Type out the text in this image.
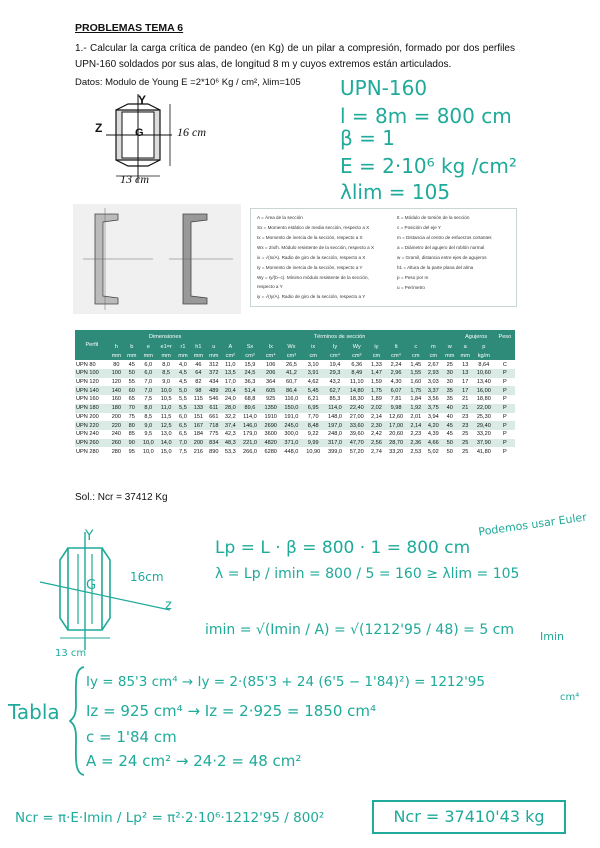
PROBLEMAS TEMA 6
1.- Calcular la carga crítica de pandeo (en Kg) de un pilar a compresión, formado por dos perfiles UPN-160 soldados por sus alas, de longitud 8 m y cuyos extremos están articulados.
Datos: Modulo de Young E =2*10⁶ Kg / cm², λlim=105
Y
Z	G	16 cm
13 cm
UPN-160
l = 8m = 800 cm
β = 1
E = 2·10⁶ kg /cm²
λlim = 105
A = Área de la sección
Sx = Momento estático de media sección, respecto a X
Ix = Momento de inercia de la sección, respecto a X
Wx = 2Ix/h. Módulo resistente de la sección, respecto a X
ix = √(Ix/A). Radio de giro de la sección, respecto a X
Iy = Momento de inercia de la sección, respecto a Y
Wy = Iy/(b−c). Mínimo módulo resistente de la sección,
respecto a Y
iy = √(Iy/A). Radio de giro de la sección, respecto a Y
It = Módulo de torsión de la sección
c = Posición del eje Y
m = Distancia al centro de esfuerzos cortantes
a = Diámetro del agujero del roblón normal
w = Gramil, distancia entre ejes de agujeros
h1 = Altura de la parte plana del alma
p = Peso por m
u = Perímetro
Perfil	Dimensiones							Términos de sección												Agujeros		Peso
	h	b	e	e1=r	r1	h1	u	A	Sx	Ix	Wx	ix	Iy	Wy	iy	It	c	m	w	a	p	
	mm	mm	mm	mm	mm	mm	mm	cm²	cm³	cm⁴	cm³	cm	cm⁴	cm³	cm	cm⁴	cm	cm	mm	mm	kg/m	
UPN 80	80	45	6,0	8,0	4,0	46	312	11,0	15,9	106	26,5	3,10	19,4	6,36	1,33	2,24	1,45	2,67	25	13	8,64	C
UPN 100	100	50	6,0	8,5	4,5	64	372	13,5	24,5	206	41,2	3,91	29,3	8,49	1,47	2,96	1,55	2,93	30	13	10,60	P
UPN 120	120	55	7,0	9,0	4,5	82	434	17,0	36,3	364	60,7	4,62	43,2	11,10	1,59	4,30	1,60	3,03	30	17	13,40	P
UPN 140	140	60	7,0	10,0	5,0	98	489	20,4	51,4	605	86,4	5,45	62,7	14,80	1,75	6,07	1,75	3,37	35	17	16,00	P
UPN 160	160	65	7,5	10,5	5,5	115	546	24,0	68,8	925	116,0	6,21	85,3	18,30	1,89	7,81	1,84	3,56	35	21	18,80	P
UPN 180	180	70	8,0	11,0	5,5	133	611	28,0	89,6	1350	150,0	6,95	114,0	22,40	2,02	9,98	1,92	3,75	40	21	22,00	P
UPN 200	200	75	8,5	11,5	6,0	151	661	32,2	114,0	1910	191,0	7,70	148,0	27,00	2,14	12,60	2,01	3,94	40	23	25,30	P
UPN 220	220	80	9,0	12,5	6,5	167	718	37,4	146,0	2690	245,0	8,48	197,0	33,60	2,30	17,00	2,14	4,20	45	23	29,40	P
UPN 240	240	85	9,5	13,0	6,5	184	775	42,3	179,0	3600	300,0	9,22	248,0	39,60	2,42	20,60	2,23	4,39	45	25	33,20	P
UPN 260	260	90	10,0	14,0	7,0	200	834	48,3	221,0	4820	371,0	9,99	317,0	47,70	2,56	28,70	2,36	4,66	50	25	37,90	P
UPN 280	280	95	10,0	15,0	7,5	216	890	53,3	266,0	6280	448,0	10,90	399,0	57,20	2,74	33,20	2,53	5,02	50	25	41,80	P
Sol.: Ncr = 37412 Kg
Y
z
G
16cm
13 cm
Podemos usar Euler
Lp = L · β = 800 · 1 = 800 cm
λ = Lp / imin = 800 / 5 = 160 ≥ λlim = 105
imin = √(Imin / A) = √(1212'95 / 48) = 5 cm Imin
Tabla
Iy = 85'3 cm⁴ → Iy = 2·(85'3 + 24 (6'5 − 1'84)²) = 1212'95
cm⁴
Iz = 925 cm⁴ → Iz = 2·925 = 1850 cm⁴
c = 1'84 cm
A = 24 cm² → 24·2 = 48 cm²
Ncr = π·E·Imin / Lp² = π²·2·10⁶·1212'95 / 800²	Ncr = 37410'43 kg
